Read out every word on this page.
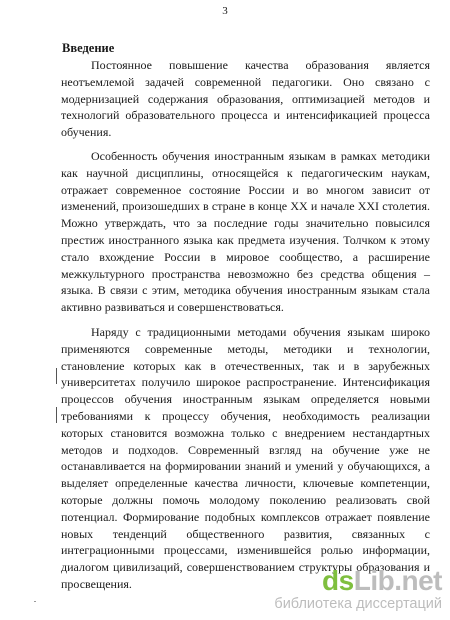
3
Введение

Постоянное повышение качества образования является неотъемлемой задачей современной педагогики. Оно связано с модернизацией содержания образования, оптимизацией методов и технологий образовательного процесса и интенсификацией процесса обучения.

Особенность обучения иностранным языкам в рамках методики как научной дисциплины, относящейся к педагогическим наукам, отражает современное состояние России и во многом зависит от изменений, произошедших в стране в конце XX и начале XXI столетия. Можно утверждать, что за последние годы значительно повысился престиж иностранного языка как предмета изучения. Толчком к этому стало вхождение России в мировое сообщество, а расширение межкультурного пространства невозможно без средства общения – языка. В связи с этим, методика обучения иностранным языкам стала активно развиваться и совершенствоваться.

Наряду с традиционными методами обучения языкам широко применяются современные методы, методики и технологии, становление которых как в отечественных, так и в зарубежных университетах получило широкое распространение. Интенсификация процессов обучения иностранным языкам определяется новыми требованиями к процессу обучения, необходимость реализации которых становится возможна только с внедрением нестандартных методов и подходов. Современный взгляд на обучение уже не останавливается на формировании знаний и умений у обучающихся, а выделяет определенные качества личности, ключевые компетенции, которые должны помочь молодому поколению реализовать свой потенциал. Формирование подобных комплексов отражает появление новых тенденций общественного развития, связанных с интеграционными процессами, изменившейся ролью информации, диалогом цивилизаций, совершенствованием структуры образования и просвещения.	dsLib.net
библиотека диссертаций
